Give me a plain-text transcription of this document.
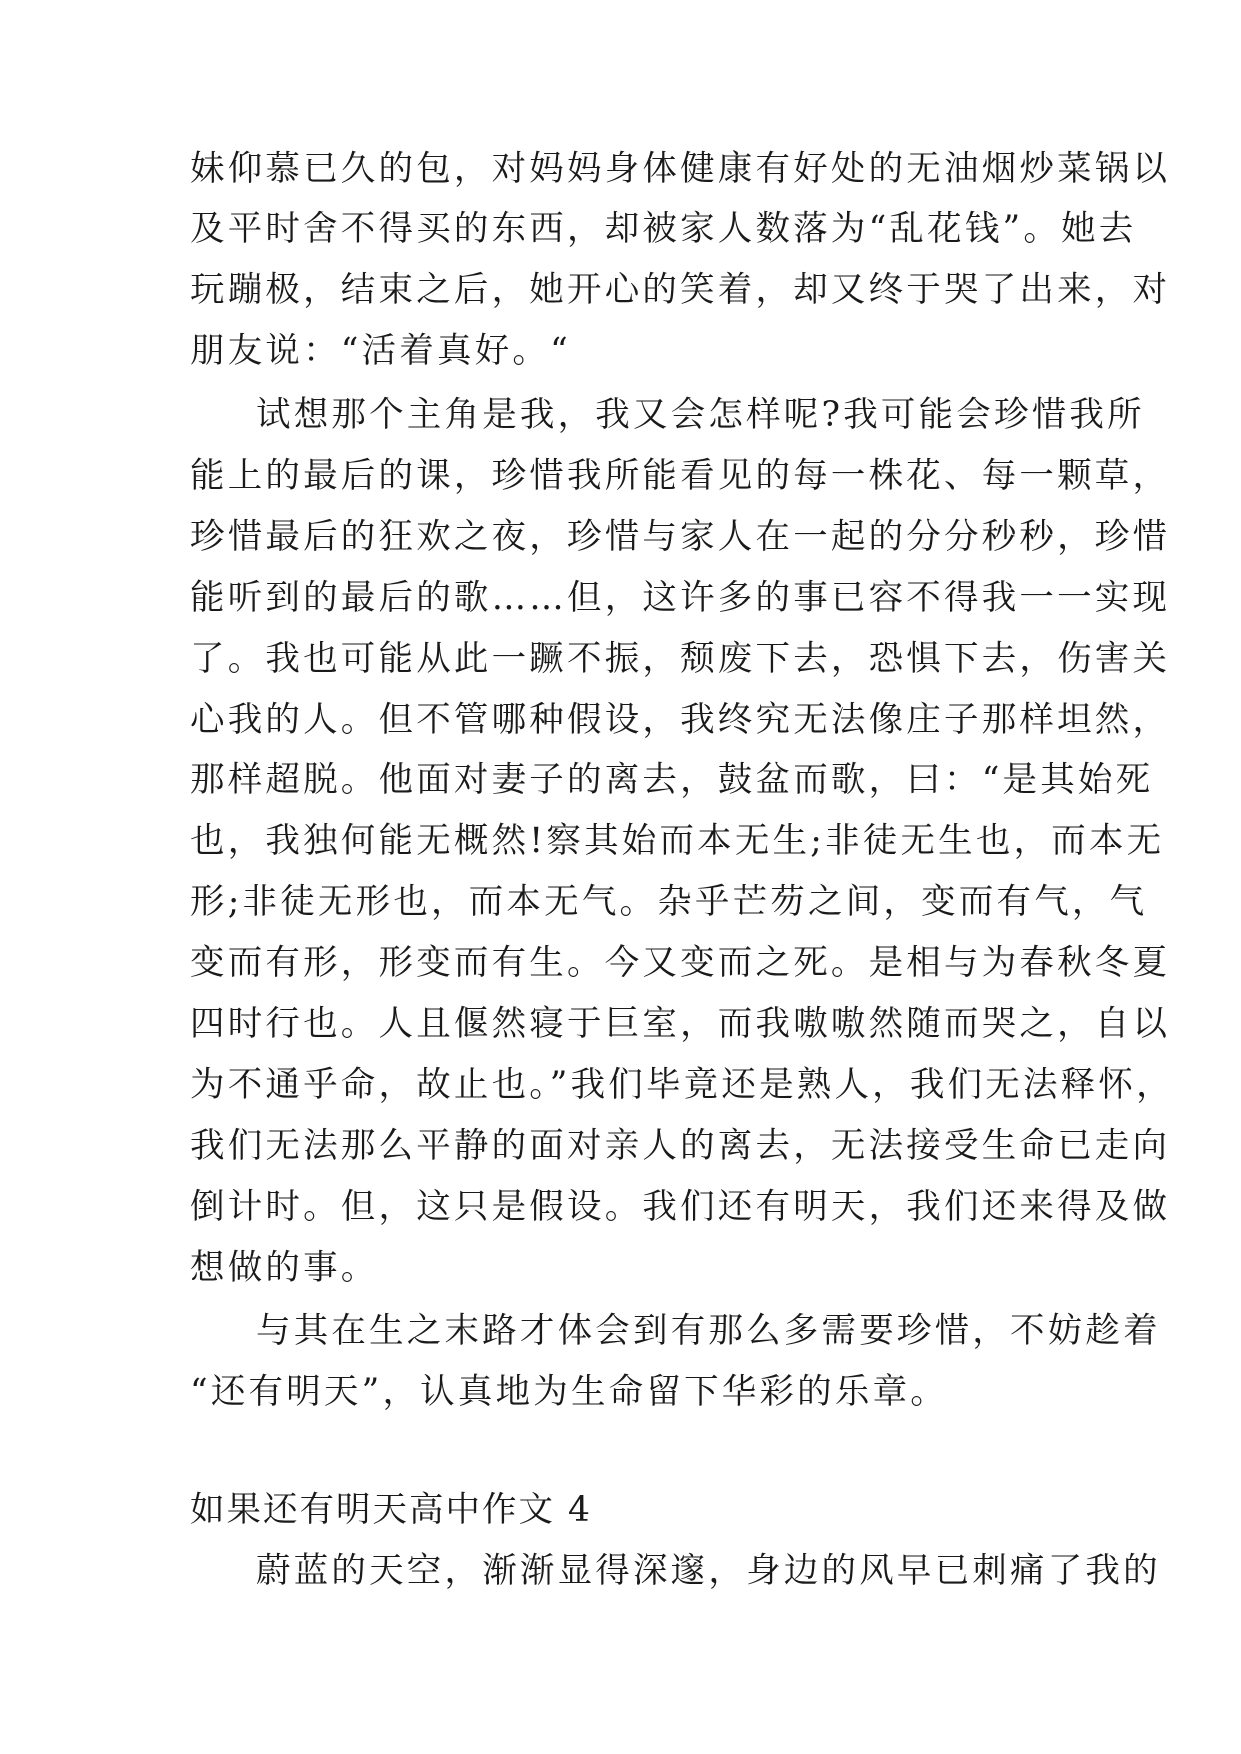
妹仰慕已久的包，对妈妈身体健康有好处的无油烟炒菜锅以
及平时舍不得买的东西，却被家人数落为“乱花钱”。她去
玩蹦极，结束之后，她开心的笑着，却又终于哭了出来，对
朋友说：“活着真好。“
试想那个主角是我，我又会怎样呢?我可能会珍惜我所
能上的最后的课，珍惜我所能看见的每一株花、每一颗草，
珍惜最后的狂欢之夜，珍惜与家人在一起的分分秒秒，珍惜
能听到的最后的歌……但，这许多的事已容不得我一一实现
了。我也可能从此一蹶不振，颓废下去，恐惧下去，伤害关
心我的人。但不管哪种假设，我终究无法像庄子那样坦然，
那样超脱。他面对妻子的离去，鼓盆而歌，曰：“是其始死
也，我独何能无概然!察其始而本无生;非徒无生也，而本无
形;非徒无形也，而本无气。杂乎芒芴之间，变而有气，气
变而有形，形变而有生。今又变而之死。是相与为春秋冬夏
四时行也。人且偃然寝于巨室，而我嗷嗷然随而哭之，自以
为不通乎命，故止也。”我们毕竟还是熟人，我们无法释怀，
我们无法那么平静的面对亲人的离去，无法接受生命已走向
倒计时。但，这只是假设。我们还有明天，我们还来得及做
想做的事。
与其在生之末路才体会到有那么多需要珍惜，不妨趁着
“还有明天”，认真地为生命留下华彩的乐章。
如果还有明天高中作文 4
蔚蓝的天空，渐渐显得深邃，身边的风早已刺痛了我的
